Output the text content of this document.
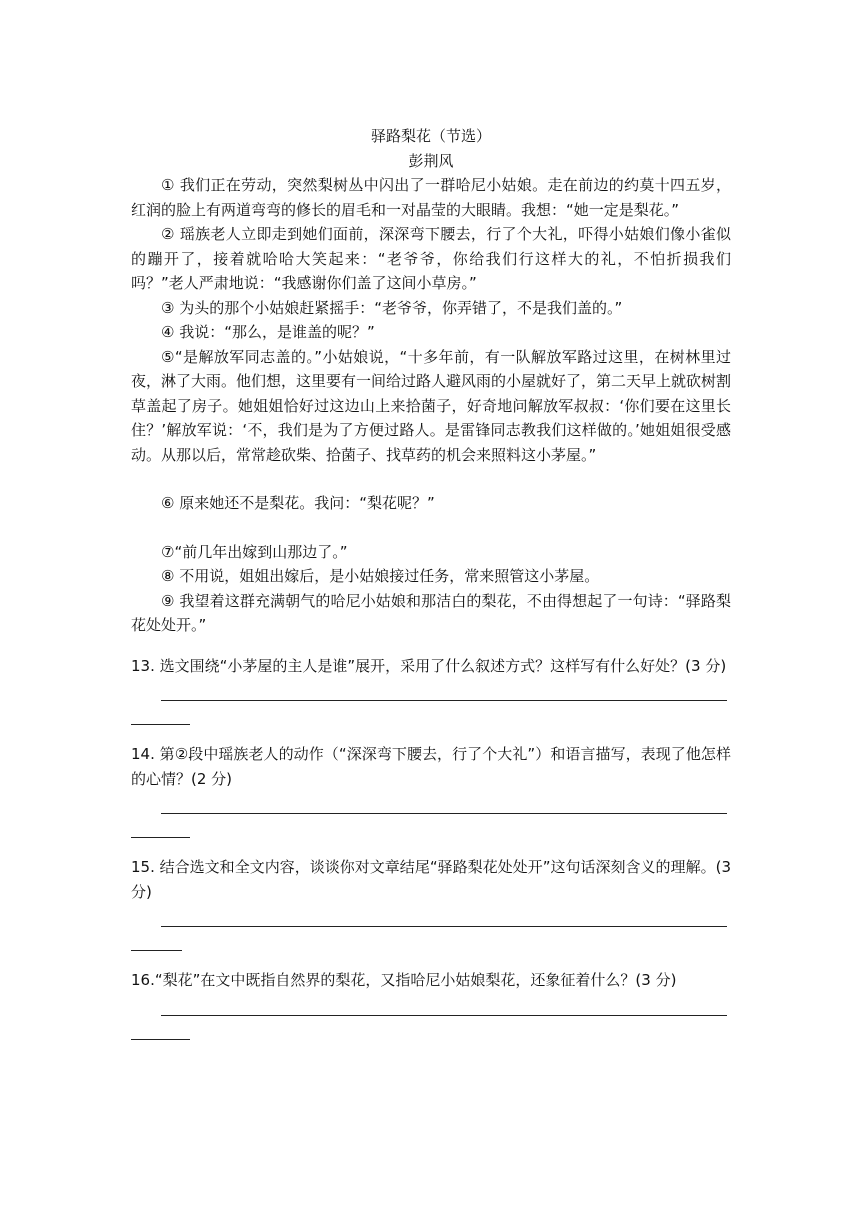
驿路梨花（节选）
彭荆风

① 我们正在劳动，突然梨树丛中闪出了一群哈尼小姑娘。走在前边的约莫十四五岁，红润的脸上有两道弯弯的修长的眉毛和一对晶莹的大眼睛。我想：“她一定是梨花。”

② 瑶族老人立即走到她们面前，深深弯下腰去，行了个大礼，吓得小姑娘们像小雀似的蹦开了，接着就哈哈大笑起来：“老爷爷，你给我们行这样大的礼，不怕折损我们吗？”老人严肃地说：“我感谢你们盖了这间小草房。”

③ 为头的那个小姑娘赶紧摇手：“老爷爷，你弄错了，不是我们盖的。”

④ 我说：“那么，是谁盖的呢？”

⑤“是解放军同志盖的。”小姑娘说，“十多年前，有一队解放军路过这里，在树林里过夜，淋了大雨。他们想，这里要有一间给过路人避风雨的小屋就好了，第二天早上就砍树割草盖起了房子。她姐姐恰好过这边山上来拾菌子，好奇地问解放军叔叔：‘你们要在这里长住？’解放军说：‘不，我们是为了方便过路人。是雷锋同志教我们这样做的。’她姐姐很受感动。从那以后，常常趁砍柴、拾菌子、找草药的机会来照料这小茅屋。”

⑥ 原来她还不是梨花。我问：“梨花呢？”

⑦“前几年出嫁到山那边了。”

⑧ 不用说，姐姐出嫁后，是小姑娘接过任务，常来照管这小茅屋。

⑨ 我望着这群充满朝气的哈尼小姑娘和那洁白的梨花，不由得想起了一句诗：“驿路梨花处处开。”

13. 选文围绕“小茅屋的主人是谁”展开，采用了什么叙述方式？这样写有什么好处？(3 分)

14. 第②段中瑶族老人的动作（“深深弯下腰去，行了个大礼”）和语言描写，表现了他怎样的心情？(2 分)

15. 结合选文和全文内容，谈谈你对文章结尾“驿路梨花处处开”这句话深刻含义的理解。(3 分)

16.“梨花”在文中既指自然界的梨花，又指哈尼小姑娘梨花，还象征着什么？(3 分)
